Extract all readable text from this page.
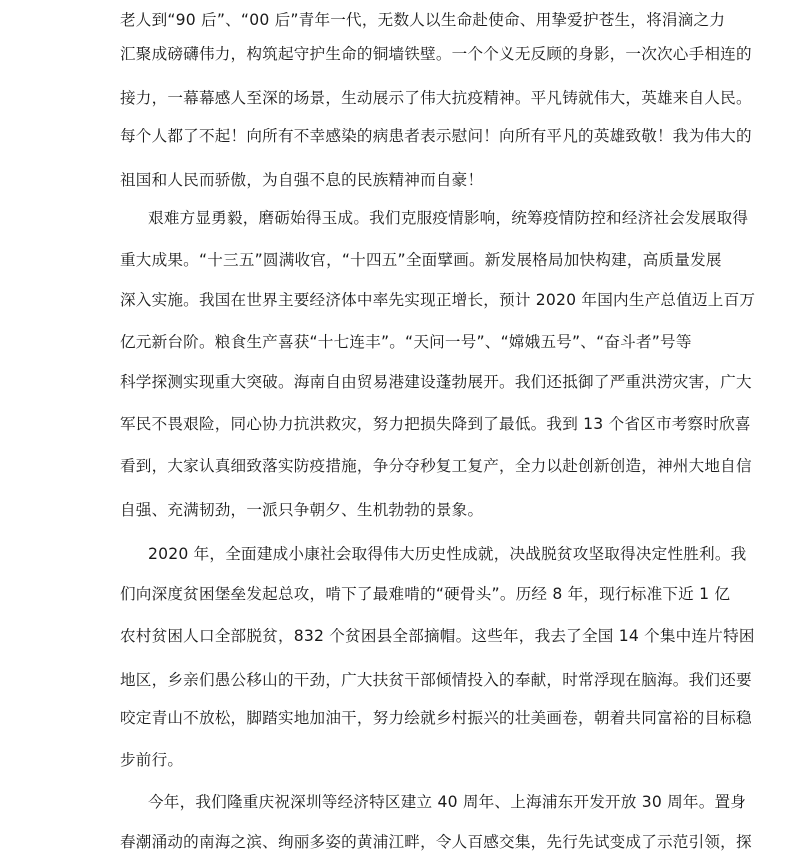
老人到“90 后”、“00 后”青年一代，无数人以生命赴使命、用挚爱护苍生，将涓滴之力
汇聚成磅礴伟力，构筑起守护生命的铜墙铁壁。一个个义无反顾的身影，一次次心手相连的
接力，一幕幕感人至深的场景，生动展示了伟大抗疫精神。平凡铸就伟大，英雄来自人民。
每个人都了不起！向所有不幸感染的病患者表示慰问！向所有平凡的英雄致敬！我为伟大的
祖国和人民而骄傲，为自强不息的民族精神而自豪！
艰难方显勇毅，磨砺始得玉成。我们克服疫情影响，统筹疫情防控和经济社会发展取得
重大成果。“十三五”圆满收官，“十四五”全面擘画。新发展格局加快构建，高质量发展
深入实施。我国在世界主要经济体中率先实现正增长，预计 2020 年国内生产总值迈上百万
亿元新台阶。粮食生产喜获“十七连丰”。“天问一号”、“嫦娥五号”、“奋斗者”号等
科学探测实现重大突破。海南自由贸易港建设蓬勃展开。我们还抵御了严重洪涝灾害，广大
军民不畏艰险，同心协力抗洪救灾，努力把损失降到了最低。我到 13 个省区市考察时欣喜
看到，大家认真细致落实防疫措施，争分夺秒复工复产，全力以赴创新创造，神州大地自信
自强、充满韧劲，一派只争朝夕、生机勃勃的景象。
2020 年，全面建成小康社会取得伟大历史性成就，决战脱贫攻坚取得决定性胜利。我
们向深度贫困堡垒发起总攻，啃下了最难啃的“硬骨头”。历经 8 年，现行标准下近 1 亿
农村贫困人口全部脱贫，832 个贫困县全部摘帽。这些年，我去了全国 14 个集中连片特困
地区，乡亲们愚公移山的干劲，广大扶贫干部倾情投入的奉献，时常浮现在脑海。我们还要
咬定青山不放松，脚踏实地加油干，努力绘就乡村振兴的壮美画卷，朝着共同富裕的目标稳
步前行。
今年，我们隆重庆祝深圳等经济特区建立 40 周年、上海浦东开发开放 30 周年。置身
春潮涌动的南海之滨、绚丽多姿的黄浦江畔，令人百感交集，先行先试变成了示范引领，探
